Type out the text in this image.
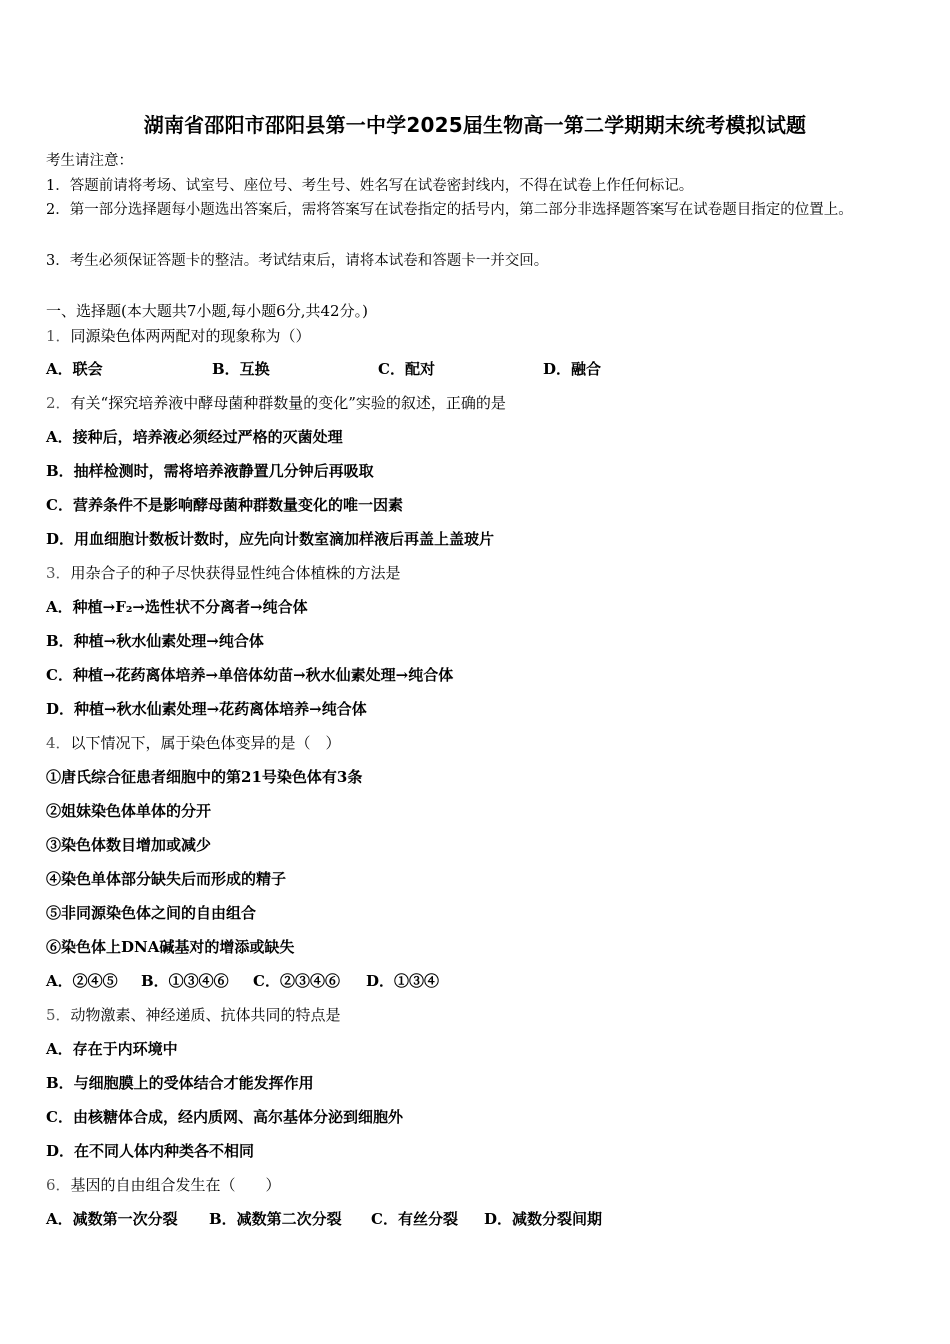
湖南省邵阳市邵阳县第一中学2025届生物高一第二学期期末统考模拟试题
考生请注意：
1．答题前请将考场、试室号、座位号、考生号、姓名写在试卷密封线内，不得在试卷上作任何标记。
2．第一部分选择题每小题选出答案后，需将答案写在试卷指定的括号内，第二部分非选择题答案写在试卷题目指定的位置上。
3．考生必须保证答题卡的整洁。考试结束后，请将本试卷和答题卡一并交回。
一、选择题(本大题共7小题,每小题6分,共42分。)
1．同源染色体两两配对的现象称为（）
A．联会	B．互换	C．配对	D．融合
2．有关“探究培养液中酵母菌种群数量的变化”实验的叙述，正确的是
A．接种后，培养液必须经过严格的灭菌处理
B．抽样检测时，需将培养液静置几分钟后再吸取
C．营养条件不是影响酵母菌种群数量变化的唯一因素
D．用血细胞计数板计数时，应先向计数室滴加样液后再盖上盖玻片
3．用杂合子的种子尽快获得显性纯合体植株的方法是
A．种植→F₂→选性状不分离者→纯合体
B．种植→秋水仙素处理→纯合体
C．种植→花药离体培养→单倍体幼苗→秋水仙素处理→纯合体
D．种植→秋水仙素处理→花药离体培养→纯合体
4．以下情况下，属于染色体变异的是（　）
①唐氏综合征患者细胞中的第21号染色体有3条
②姐妹染色体单体的分开
③染色体数目增加或减少
④染色单体部分缺失后而形成的精子
⑤非同源染色体之间的自由组合
⑥染色体上DNA碱基对的增添或缺失
A．②④⑤ B．①③④⑥ C．②③④⑥ D．①③④
5．动物激素、神经递质、抗体共同的特点是
A．存在于内环境中
B．与细胞膜上的受体结合才能发挥作用
C．由核糖体合成，经内质网、高尔基体分泌到细胞外
D．在不同人体内种类各不相同
6．基因的自由组合发生在（　　）
A．减数第一次分裂 B．减数第二次分裂 C．有丝分裂 D．减数分裂间期
